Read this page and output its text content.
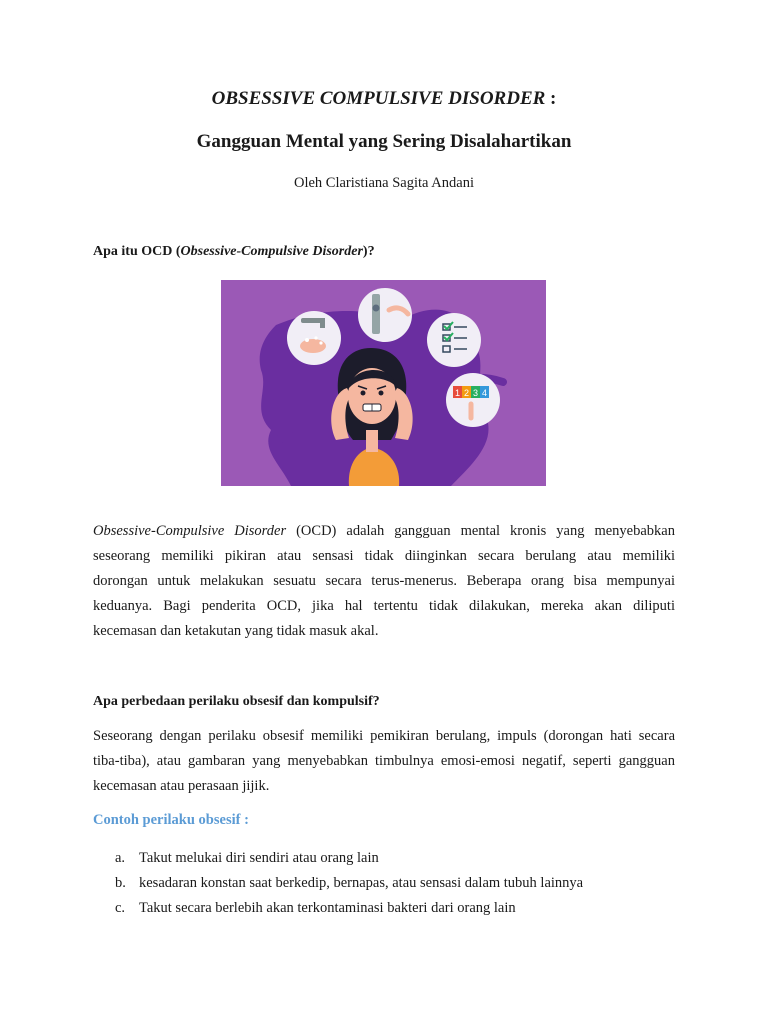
OBSESSIVE COMPULSIVE DISORDER :
Gangguan Mental yang Sering Disalahartikan
Oleh Claristiana Sagita Andani
Apa itu OCD (Obsessive-Compulsive Disorder)?
1 2 3 4
Obsessive-Compulsive Disorder (OCD) adalah gangguan mental kronis yang menyebabkan
seseorang memiliki pikiran atau sensasi tidak diinginkan secara berulang atau memiliki
dorongan untuk melakukan sesuatu secara terus-menerus. Beberapa orang bisa mempunyai
keduanya. Bagi penderita OCD, jika hal tertentu tidak dilakukan, mereka akan diliputi
kecemasan dan ketakutan yang tidak masuk akal.
Apa perbedaan perilaku obsesif dan kompulsif?
Seseorang dengan perilaku obsesif memiliki pemikiran berulang, impuls (dorongan hati secara
tiba-tiba), atau gambaran yang menyebabkan timbulnya emosi-emosi negatif, seperti gangguan
kecemasan atau perasaan jijik.
Contoh perilaku obsesif :
a. Takut melukai diri sendiri atau orang lain
b. kesadaran konstan saat berkedip, bernapas, atau sensasi dalam tubuh lainnya
c. Takut secara berlebih akan terkontaminasi bakteri dari orang lain
